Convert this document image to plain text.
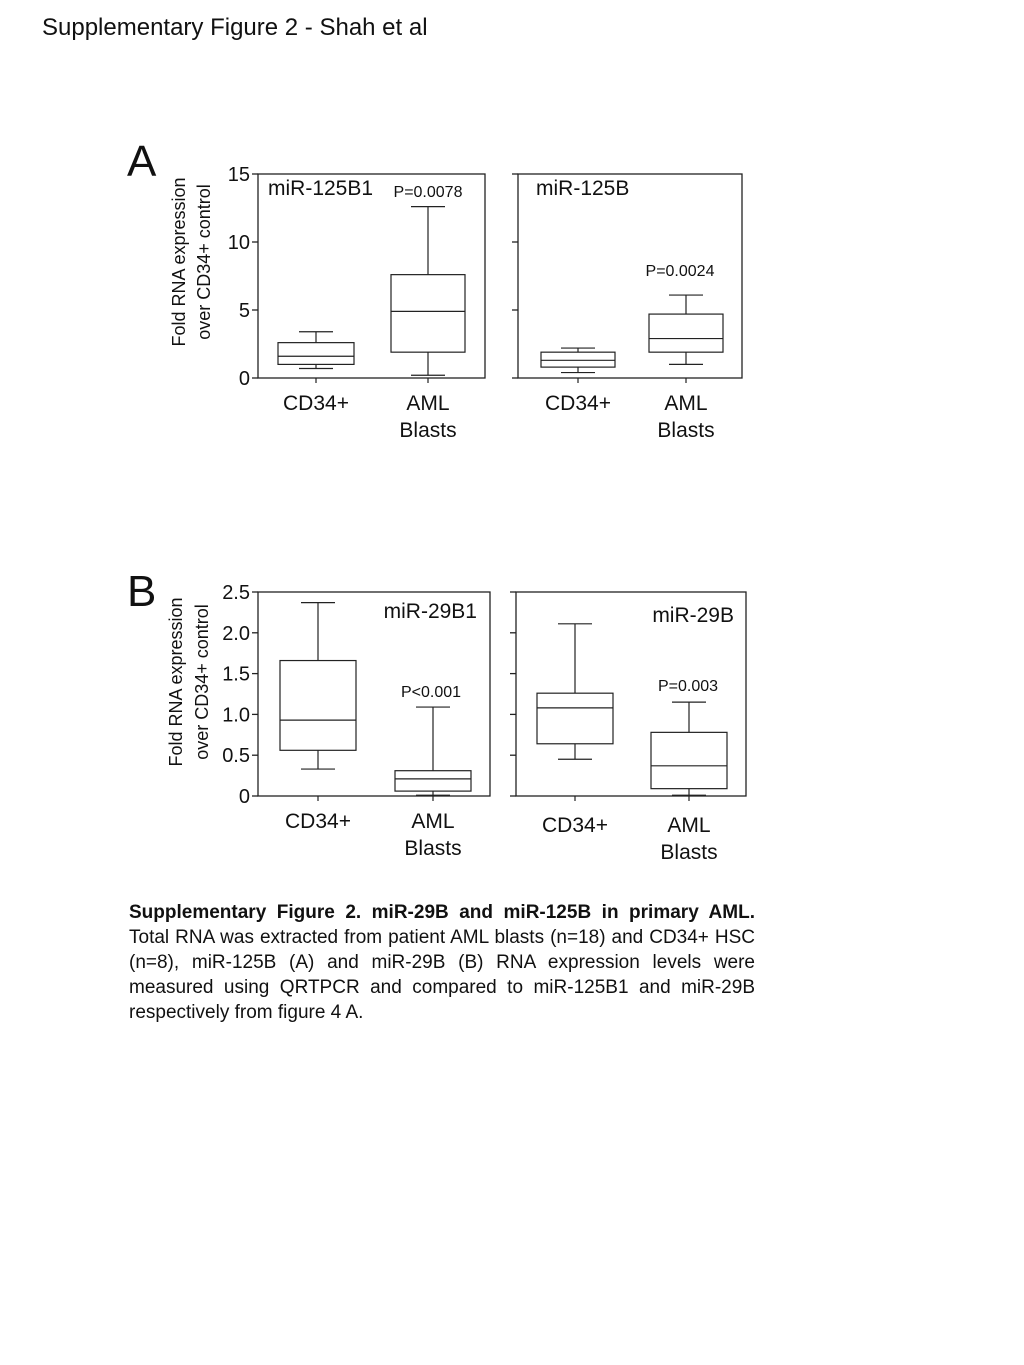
Supplementary Figure 2 - Shah et al
A
B
Fold RNA expression over CD34+ control
Fold RNA expression over CD34+ control
0
5
10
15
miR-125B1 P=0.0078
CD34+	AML Blasts
miR-125B
P=0.0024
CD34+	AML Blasts
0
0.5
1.0
1.5
2.0
2.5
miR-29B1
P<0.001
CD34+	AML Blasts
miR-29B
P=0.003
CD34+	AML Blasts
Supplementary Figure 2. miR-29B and miR-125B in primary AML. Total RNA was extracted from patient AML blasts (n=18) and CD34+ HSC (n=8), miR-125B (A) and miR-29B (B) RNA expression levels were measured using QRTPCR and compared to miR-125B1 and miR-29B respectively from figure 4 A.
